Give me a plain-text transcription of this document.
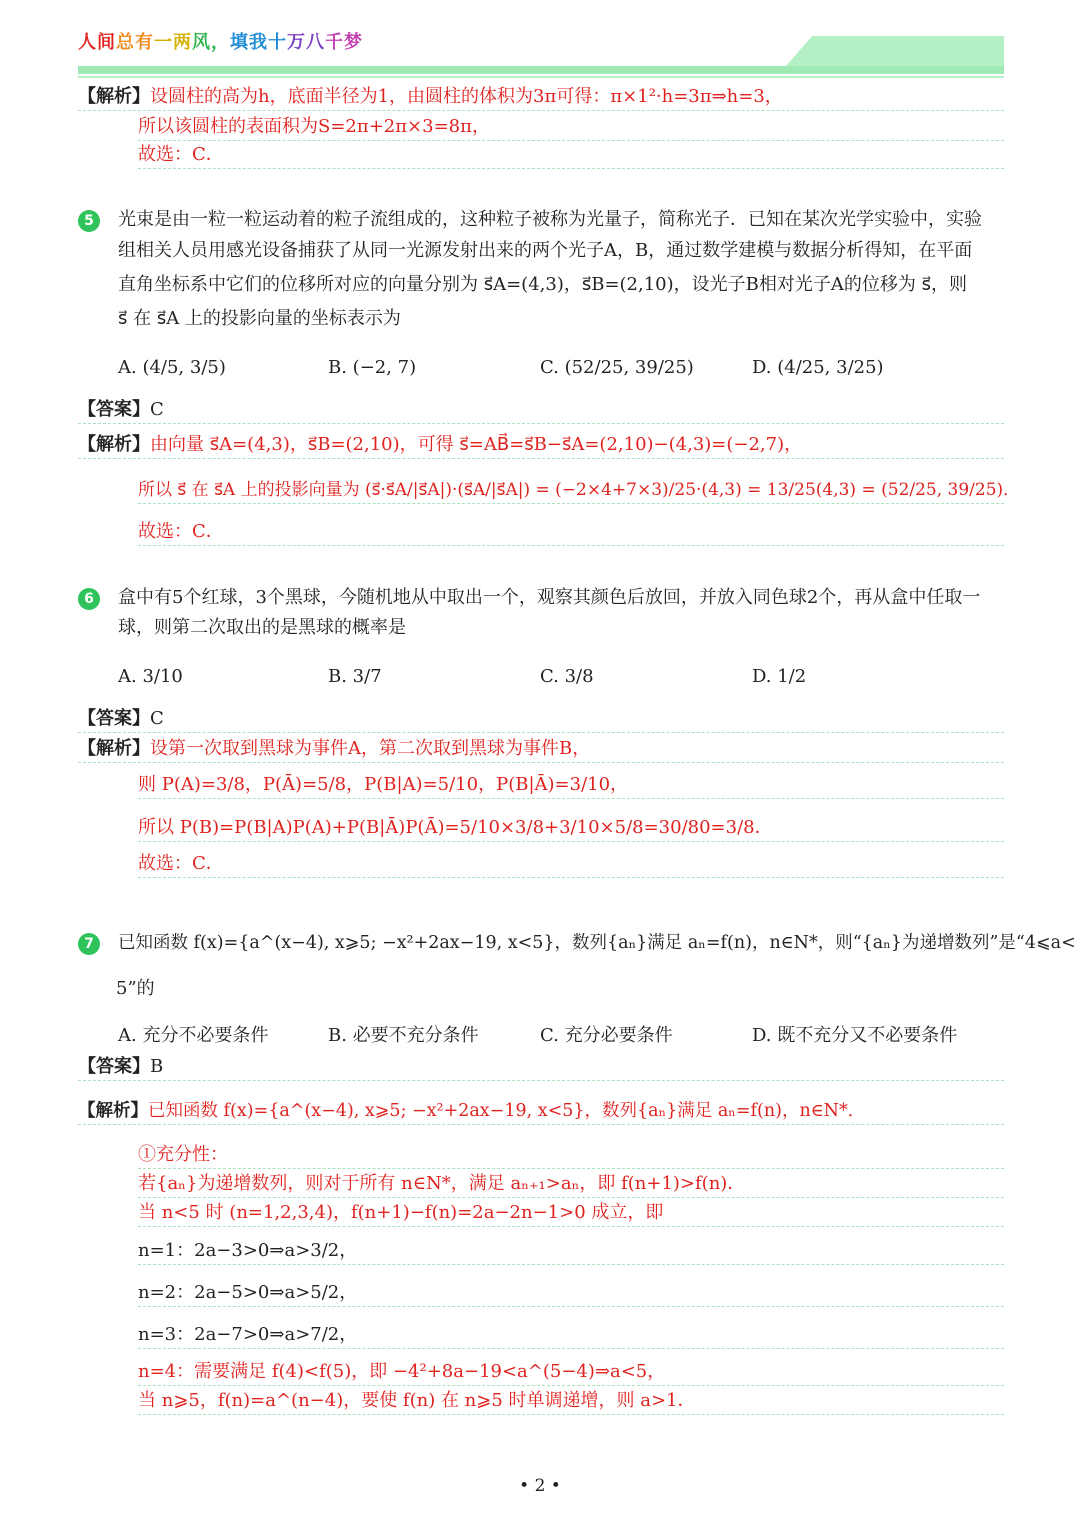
人间总有一两风，填我十万八千梦
【解析】设圆柱的高为h，底面半径为1，由圆柱的体积为3π可得：π×1²·h=3π⇒h=3，
所以该圆柱的表面积为S=2π+2π×3=8π，
故选：C．
5	光束是由一粒一粒运动着的粒子流组成的，这种粒子被称为光量子，简称光子．已知在某次光学实验中，实验
组相关人员用感光设备捕获了从同一光源发射出来的两个光子A，B，通过数学建模与数据分析得知，在平面
直角坐标系中它们的位移所对应的向量分别为 s⃗A=(4,3)，s⃗B=(2,10)，设光子B相对光子A的位移为 s⃗，则
s⃗ 在 s⃗A 上的投影向量的坐标表示为
A. (4/5, 3/5)	B. (−2, 7)	C. (52/25, 39/25)	D. (4/25, 3/25)
【答案】C
【解析】由向量 s⃗A=(4,3)，s⃗B=(2,10)，可得 s⃗=AB⃗=s⃗B−s⃗A=(2,10)−(4,3)=(−2,7)，
所以 s⃗ 在 s⃗A 上的投影向量为 (s⃗·s⃗A/|s⃗A|)·(s⃗A/|s⃗A|) = (−2×4+7×3)/25·(4,3) = 13/25(4,3) = (52/25, 39/25)．
故选：C．
6	盒中有5个红球，3个黑球，今随机地从中取出一个，观察其颜色后放回，并放入同色球2个，再从盒中任取一
球，则第二次取出的是黑球的概率是
A. 3/10	B. 3/7	C. 3/8	D. 1/2
【答案】C
【解析】设第一次取到黑球为事件A，第二次取到黑球为事件B，
则 P(A)=3/8，P(Ā)=5/8，P(B|A)=5/10，P(B|Ā)=3/10，
所以 P(B)=P(B|A)P(A)+P(B|Ā)P(Ā)=5/10×3/8+3/10×5/8=30/80=3/8．
故选：C．
7	已知函数 f(x)={a^(x−4), x⩾5; −x²+2ax−19, x<5}，数列{aₙ}满足 aₙ=f(n)，n∈N*，则“{aₙ}为递增数列”是“4⩽a<
5”的
A. 充分不必要条件	B. 必要不充分条件	C. 充分必要条件	D. 既不充分又不必要条件
【答案】B
【解析】已知函数 f(x)={a^(x−4), x⩾5; −x²+2ax−19, x<5}，数列{aₙ}满足 aₙ=f(n)，n∈N*．
①充分性：
若{aₙ}为递增数列，则对于所有 n∈N*，满足 aₙ₊₁>aₙ，即 f(n+1)>f(n)．
当 n<5 时 (n=1,2,3,4)，f(n+1)−f(n)=2a−2n−1>0 成立，即
n=1：2a−3>0⇒a>3/2，
n=2：2a−5>0⇒a>5/2，
n=3：2a−7>0⇒a>7/2，
n=4：需要满足 f(4)<f(5)，即 −4²+8a−19<a^(5−4)⇒a<5，
当 n⩾5，f(n)=a^(n−4)，要使 f(n) 在 n⩾5 时单调递增，则 a>1．
• 2 •
